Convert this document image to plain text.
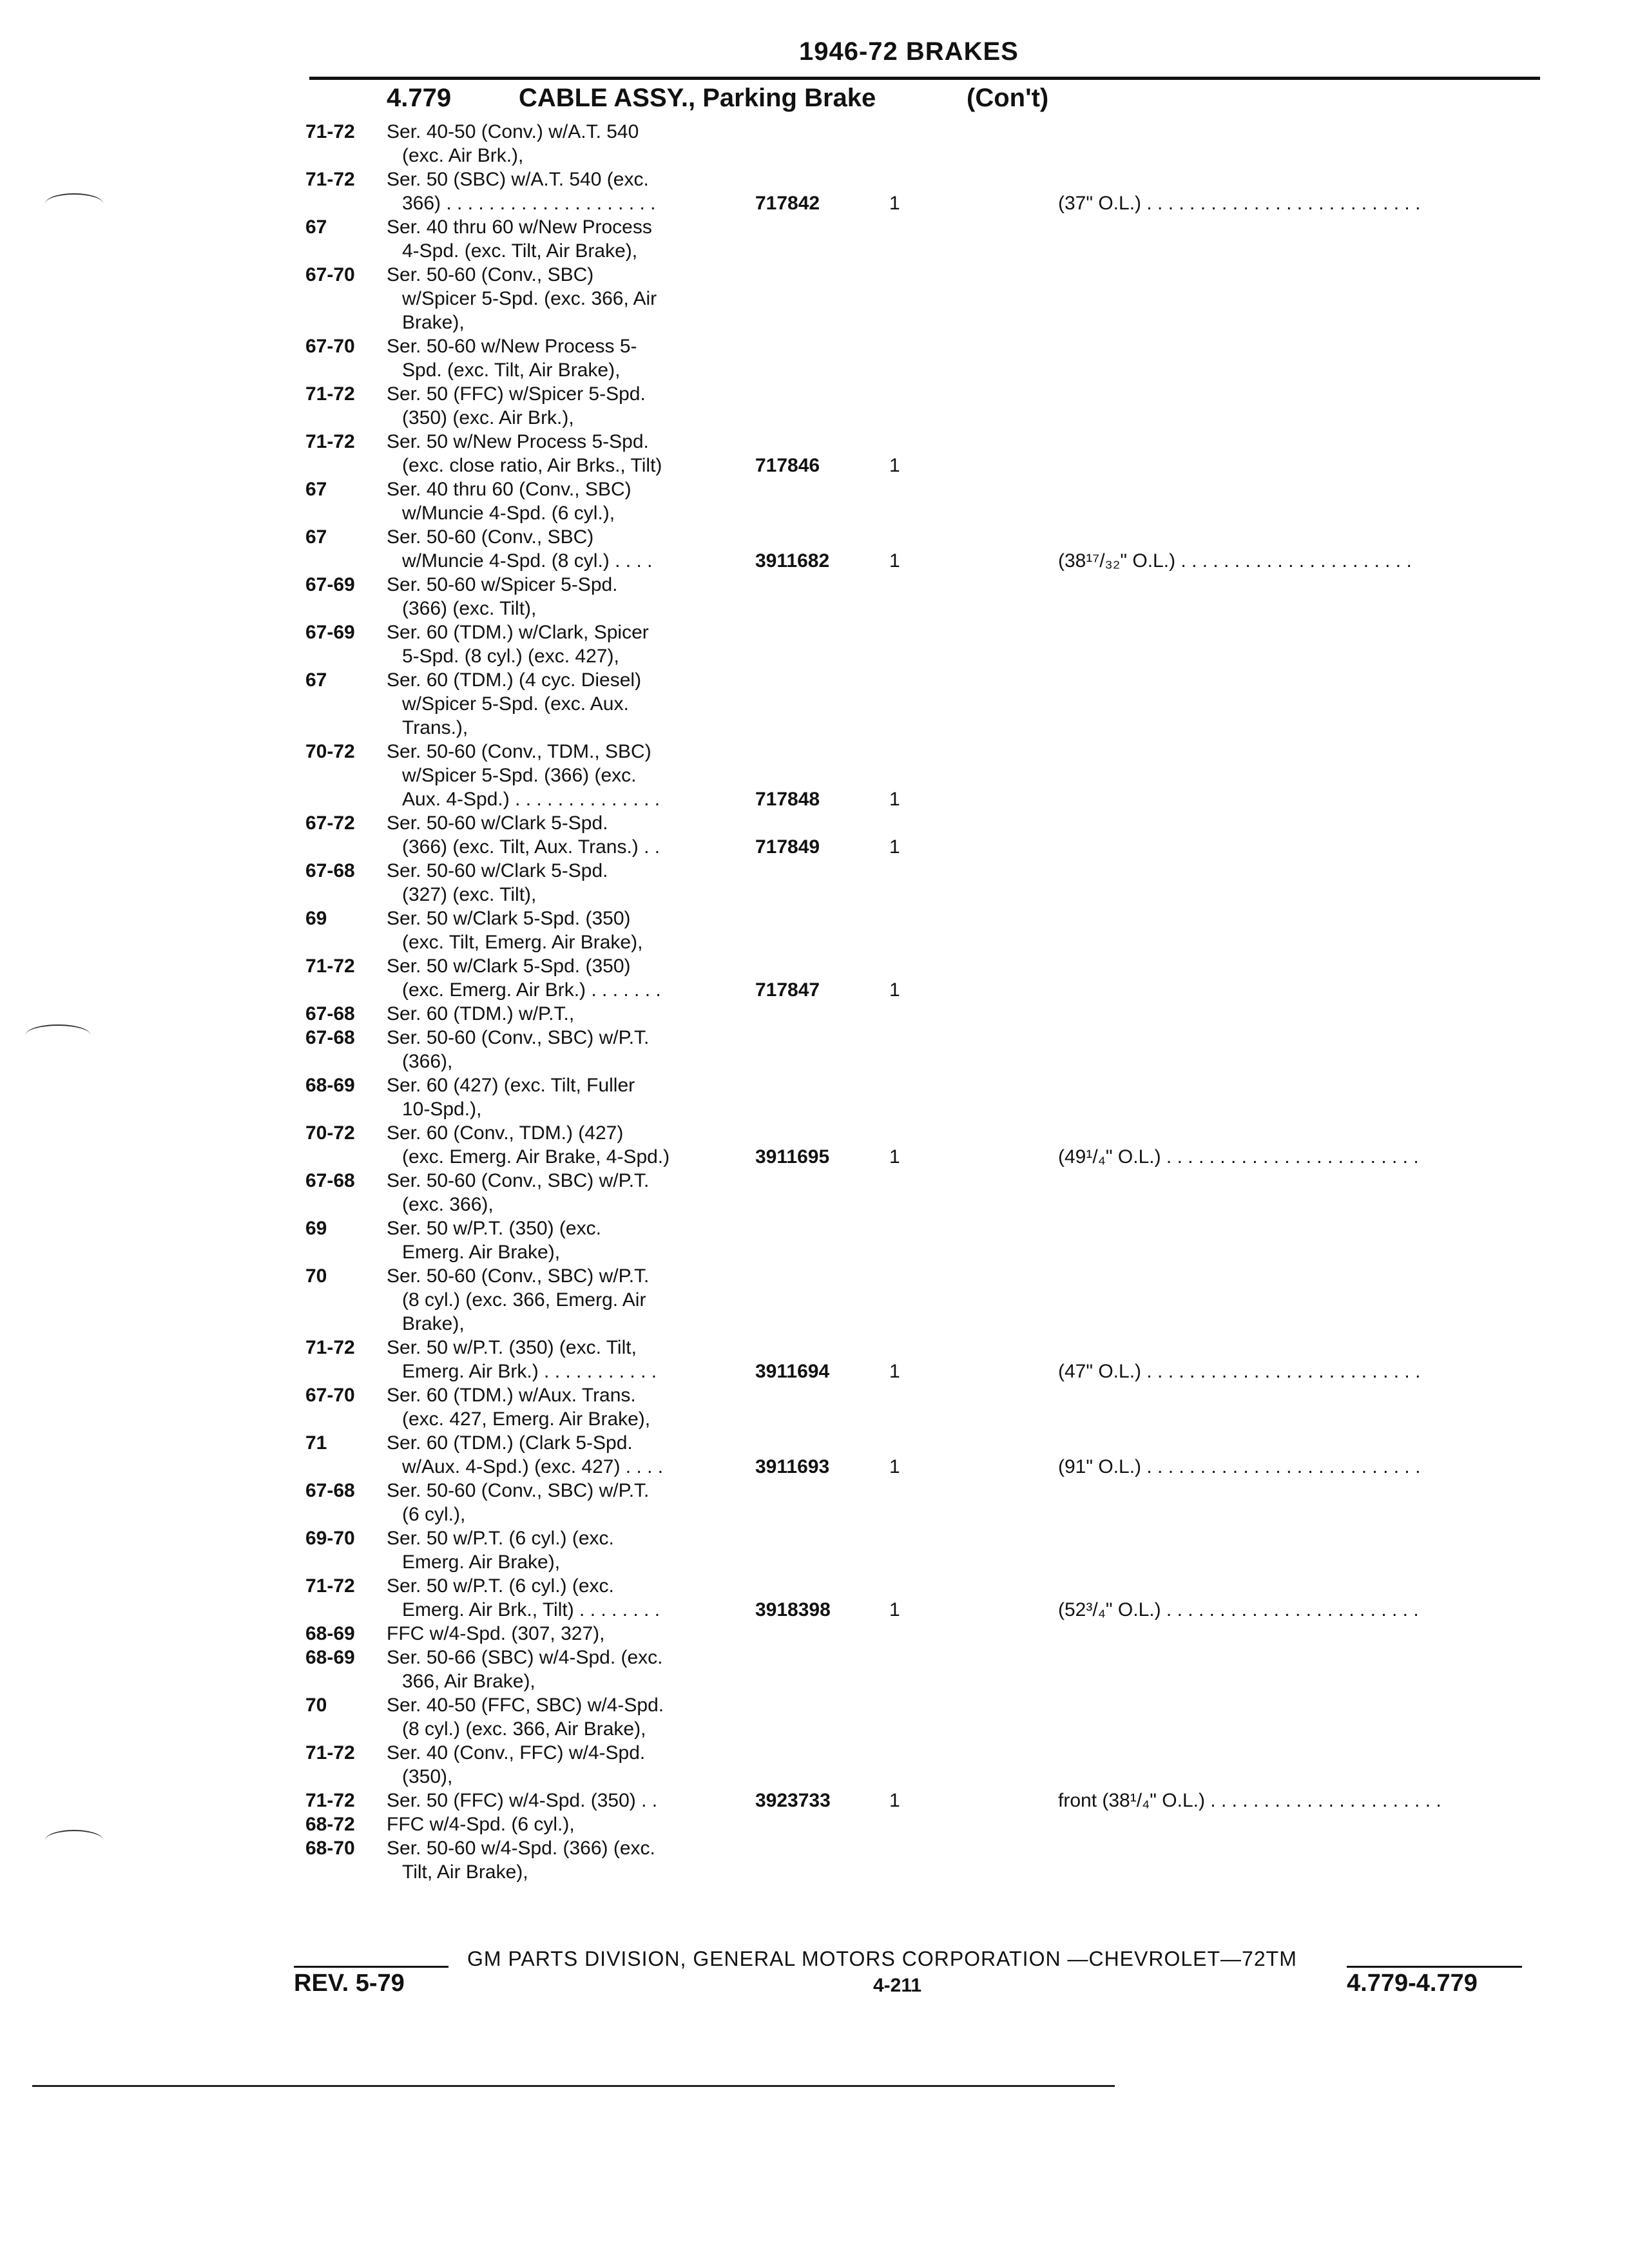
1946-72 BRAKES
4.779	CABLE ASSY., Parking Brake	(Con't)
71-72	Ser. 40-50 (Conv.) w/A.T. 540
(exc. Air Brk.),
71-72	Ser. 50 (SBC) w/A.T. 540 (exc.
366) . . . . . . . . . . . . . . . . . . . .	717842	1	(37" O.L.) . . . . . . . . . . . . . . . . . . . . . . . . . .
67	Ser. 40 thru 60 w/New Process
4-Spd. (exc. Tilt, Air Brake),
67-70	Ser. 50-60 (Conv., SBC)
w/Spicer 5-Spd. (exc. 366, Air
Brake),
67-70	Ser. 50-60 w/New Process 5-
Spd. (exc. Tilt, Air Brake),
71-72	Ser. 50 (FFC) w/Spicer 5-Spd.
(350) (exc. Air Brk.),
71-72	Ser. 50 w/New Process 5-Spd.
(exc. close ratio, Air Brks., Tilt)	717846	1
67	Ser. 40 thru 60 (Conv., SBC)
w/Muncie 4-Spd. (6 cyl.),
67	Ser. 50-60 (Conv., SBC)
w/Muncie 4-Spd. (8 cyl.) . . . .	3911682	1	(38¹⁷/₃₂" O.L.) . . . . . . . . . . . . . . . . . . . . . .
67-69	Ser. 50-60 w/Spicer 5-Spd.
(366) (exc. Tilt),
67-69	Ser. 60 (TDM.) w/Clark, Spicer
5-Spd. (8 cyl.) (exc. 427),
67	Ser. 60 (TDM.) (4 cyc. Diesel)
w/Spicer 5-Spd. (exc. Aux.
Trans.),
70-72	Ser. 50-60 (Conv., TDM., SBC)
w/Spicer 5-Spd. (366) (exc.
Aux. 4-Spd.) . . . . . . . . . . . . . .	717848	1
67-72	Ser. 50-60 w/Clark 5-Spd.
(366) (exc. Tilt, Aux. Trans.) . .	717849	1
67-68	Ser. 50-60 w/Clark 5-Spd.
(327) (exc. Tilt),
69	Ser. 50 w/Clark 5-Spd. (350)
(exc. Tilt, Emerg. Air Brake),
71-72	Ser. 50 w/Clark 5-Spd. (350)
(exc. Emerg. Air Brk.) . . . . . . .	717847	1
67-68	Ser. 60 (TDM.) w/P.T.,
67-68	Ser. 50-60 (Conv., SBC) w/P.T.
(366),
68-69	Ser. 60 (427) (exc. Tilt, Fuller
10-Spd.),
70-72	Ser. 60 (Conv., TDM.) (427)
(exc. Emerg. Air Brake, 4-Spd.)	3911695	1	(49¹/₄" O.L.) . . . . . . . . . . . . . . . . . . . . . . . .
67-68	Ser. 50-60 (Conv., SBC) w/P.T.
(exc. 366),
69	Ser. 50 w/P.T. (350) (exc.
Emerg. Air Brake),
70	Ser. 50-60 (Conv., SBC) w/P.T.
(8 cyl.) (exc. 366, Emerg. Air
Brake),
71-72	Ser. 50 w/P.T. (350) (exc. Tilt,
Emerg. Air Brk.) . . . . . . . . . . .	3911694	1	(47" O.L.) . . . . . . . . . . . . . . . . . . . . . . . . . .
67-70	Ser. 60 (TDM.) w/Aux. Trans.
(exc. 427, Emerg. Air Brake),
71	Ser. 60 (TDM.) (Clark 5-Spd.
w/Aux. 4-Spd.) (exc. 427) . . . .	3911693	1	(91" O.L.) . . . . . . . . . . . . . . . . . . . . . . . . . .
67-68	Ser. 50-60 (Conv., SBC) w/P.T.
(6 cyl.),
69-70	Ser. 50 w/P.T. (6 cyl.) (exc.
Emerg. Air Brake),
71-72	Ser. 50 w/P.T. (6 cyl.) (exc.
Emerg. Air Brk., Tilt) . . . . . . . .	3918398	1	(52³/₄" O.L.) . . . . . . . . . . . . . . . . . . . . . . . .
68-69	FFC w/4-Spd. (307, 327),
68-69	Ser. 50-66 (SBC) w/4-Spd. (exc.
366, Air Brake),
70	Ser. 40-50 (FFC, SBC) w/4-Spd.
(8 cyl.) (exc. 366, Air Brake),
71-72	Ser. 40 (Conv., FFC) w/4-Spd.
(350),
71-72	Ser. 50 (FFC) w/4-Spd. (350) . .	3923733	1	front (38¹/₄" O.L.) . . . . . . . . . . . . . . . . . . . . . .
68-72	FFC w/4-Spd. (6 cyl.),
68-70	Ser. 50-60 w/4-Spd. (366) (exc.
Tilt, Air Brake),
GM PARTS DIVISION, GENERAL MOTORS CORPORATION —CHEVROLET—72TM
REV. 5-79	4-211	4.779-4.779
